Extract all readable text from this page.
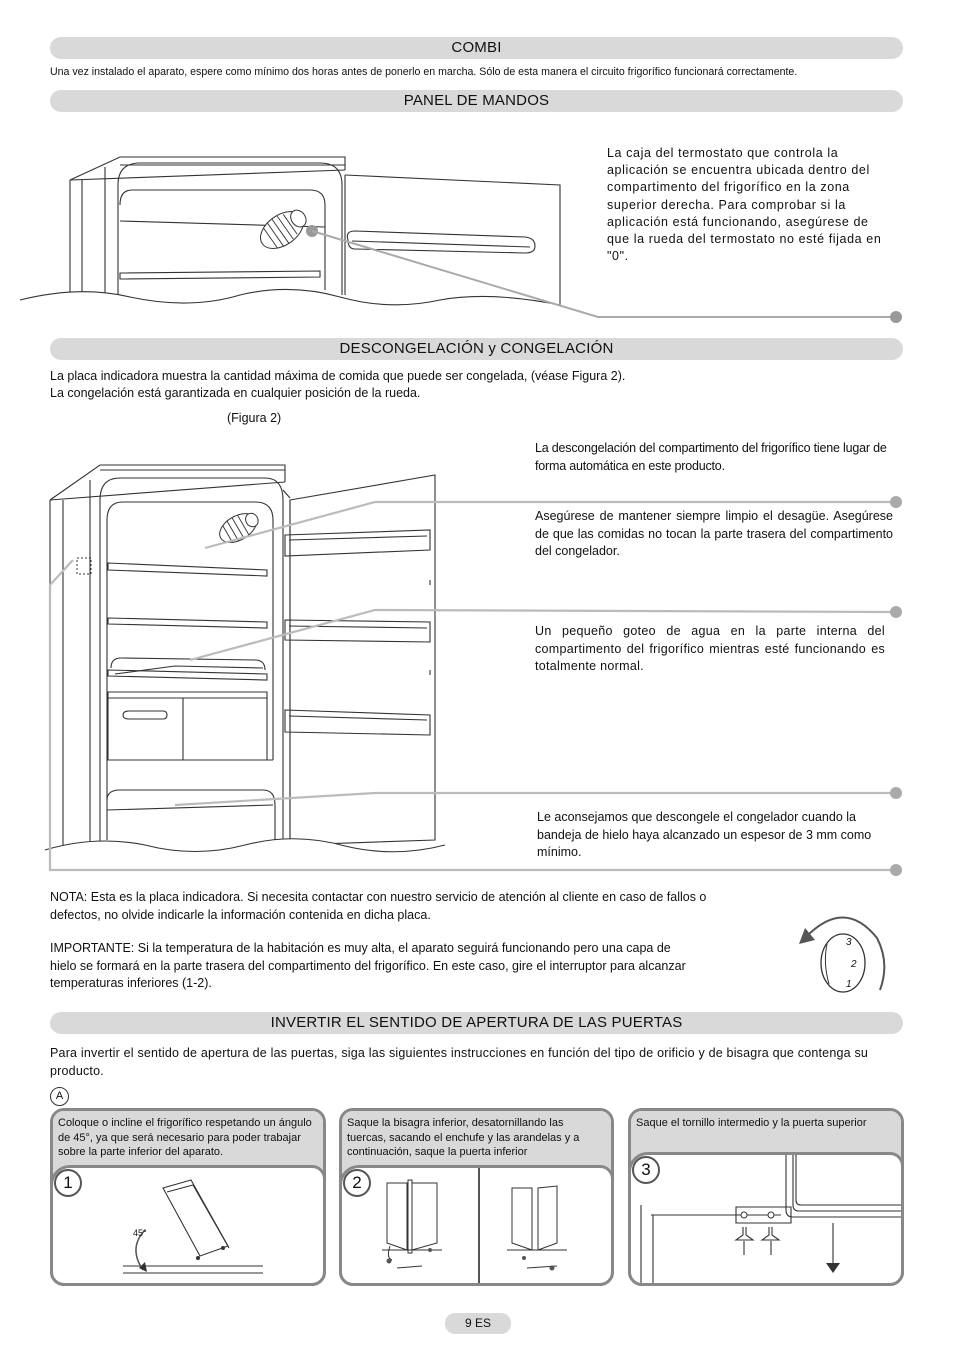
COMBI
Una vez instalado el aparato, espere como mínimo dos horas antes de ponerlo en marcha. Sólo de esta manera el circuito frigorífico funcionará correctamente.
PANEL DE MANDOS
La caja del termostato que controla la aplicación se encuentra ubicada dentro del compartimento del frigorífico en la zona superior derecha. Para comprobar si la aplicación está funcionando, asegúrese de que la rueda del termostato no esté fijada en "0".
DESCONGELACIÓN y CONGELACIÓN
La placa indicadora muestra la cantidad máxima de comida que puede ser congelada, (véase Figura 2).
La congelación está garantizada en cualquier posición de la rueda.
(Figura 2)
La descongelación del compartimento del frigorífico tiene lugar de forma automática en este producto.
Asegúrese de mantener siempre limpio el desagüe. Asegúrese de que las comidas no tocan la parte trasera del compartimento del congelador.
Un pequeño goteo de agua en la parte interna del compartimento del frigorífico mientras esté funcionando es totalmente normal.
Le aconsejamos que descongele el congelador cuando la bandeja de hielo haya alcanzado un espesor de 3 mm como mínimo.
NOTA: Esta es la placa indicadora. Si necesita contactar con nuestro servicio de atención al cliente en caso de fallos o defectos, no olvide indicarle la información contenida en dicha placa.
IMPORTANTE: Si la temperatura de la habitación es muy alta, el aparato seguirá funcionando pero una capa de hielo se formará en la parte trasera del compartimento del frigorífico. En este caso, gire el interruptor para alcanzar temperaturas inferiores (1-2).
3
2
1
INVERTIR EL SENTIDO DE APERTURA DE LAS PUERTAS
Para invertir el sentido de apertura de las puertas, siga las siguientes instrucciones en función del tipo de orificio y de bisagra que contenga su producto.
A
Coloque o incline el frigorífico respetando un ángulo de 45°, ya que será necesario para poder trabajar sobre la parte inferior del aparato.
1
45°
Saque la bisagra inferior, desatornillando las tuercas, sacando el enchufe y las arandelas y a continuación, saque la puerta inferior
2
Saque el tornillo intermedio y la puerta superior
3
9 ES
